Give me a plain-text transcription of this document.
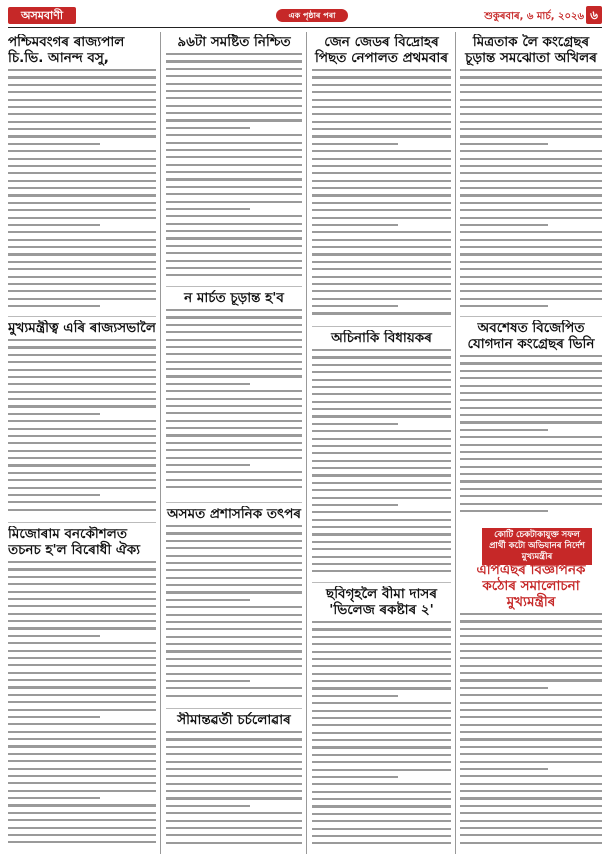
অসমবাণী	এক পৃষ্ঠাৰ পৰা	শুকুৰবাৰ, ৬ মাৰ্চ, ২০২৬ ৬
পশ্চিমবংগৰ ৰাজ্যপাল চি.ভি. আনন্দ বসু,
মুখ্যমন্ত্ৰীত্ব এৰি ৰাজ্যসভালৈ
মিজোৰাম বনকৌশলত তচনচ হ'ল বিৰোধী ঐক্য
৯৬টা সমষ্টিত নিশ্চিত
ন মাৰ্চত চূড়ান্ত হ'ব
অসমত প্ৰশাসনিক তৎপৰ
সীমান্তৱৰ্তী চৰ্চলোৱাৰ
জেন জেডৰ বিদ্ৰোহৰ পিছত নেপালত প্ৰথমবাৰ
অচিনাকি বিধায়কৰ
ছবিগৃহলৈ বীমা দাসৰ 'ভিলেজ ৰকষ্টাৰ ২'
মিত্ৰতাক লৈ কংগ্ৰেছৰ চূড়ান্ত সমঝোতা অখিলৰ
অবশেষত বিজেপিত যোগদান কংগ্ৰেছৰ ভিনি
কোটি চেকটাকাযুক্ত সফল প্ৰাৰ্থী কটো অভিযানৰ নিৰ্দেশ মুখ্যমন্ত্ৰীৰ
এপিএছৰ বিজ্ঞাপনক কঠোৰ সমালোচনা মুখ্যমন্ত্ৰীৰ
